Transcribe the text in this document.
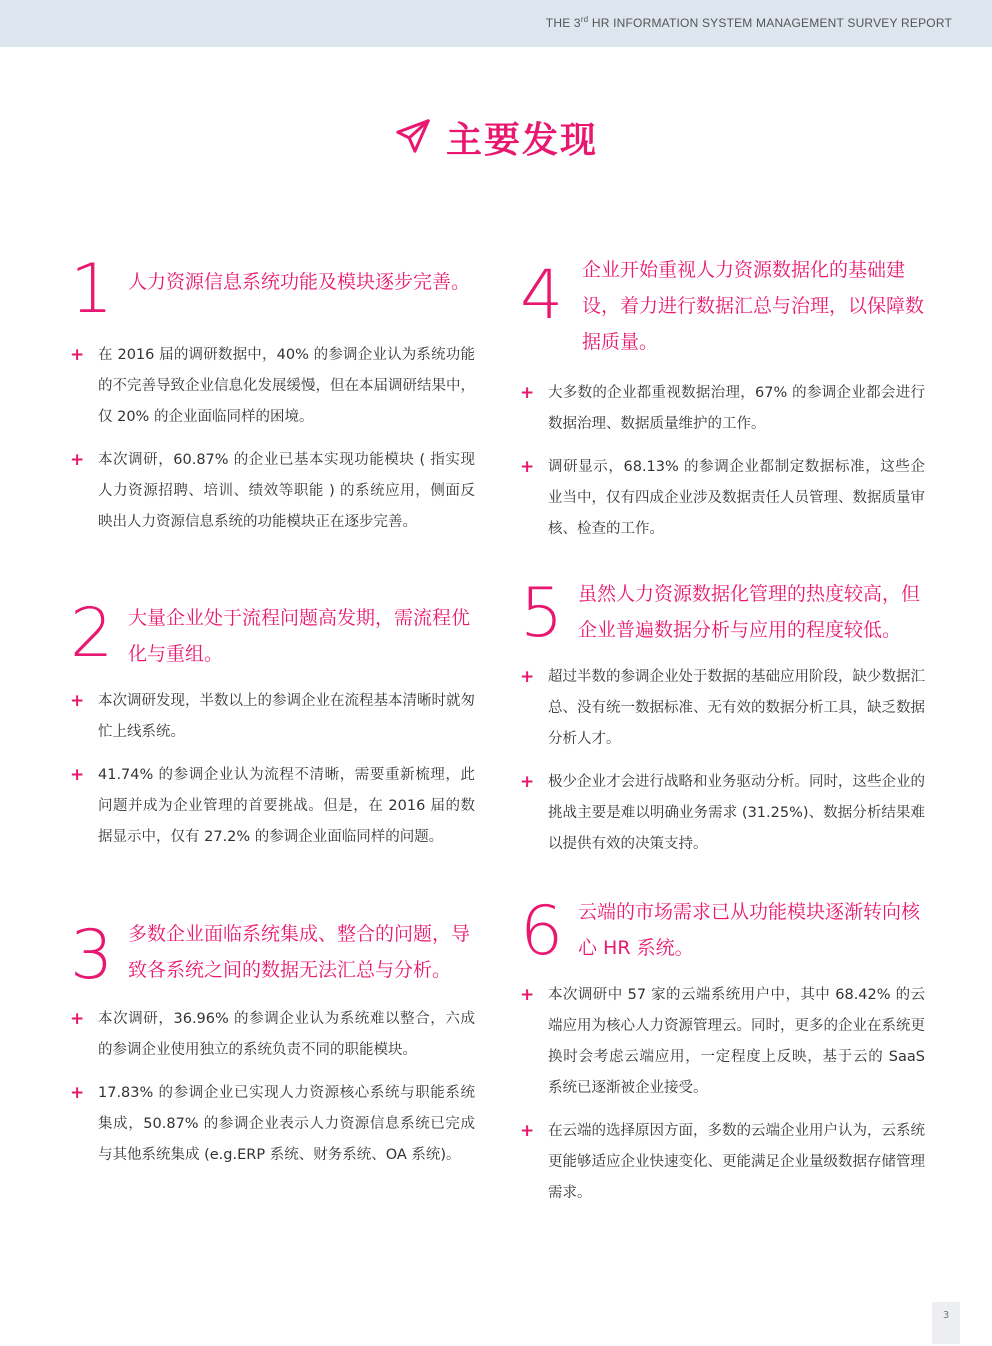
THE 3rd HR INFORMATION SYSTEM MANAGEMENT SURVEY REPORT
主要发现
1 人力资源信息系统功能及模块逐步完善。
+ 在 2016 届的调研数据中，40% 的参调企业认为系统功能的不完善导致企业信息化发展缓慢，但在本届调研结果中，仅 20% 的企业面临同样的困境。
+ 本次调研，60.87% 的企业已基本实现功能模块 ( 指实现人力资源招聘、培训、绩效等职能 ) 的系统应用，侧面反映出人力资源信息系统的功能模块正在逐步完善。
2 大量企业处于流程问题高发期，需流程优化与重组。
+ 本次调研发现，半数以上的参调企业在流程基本清晰时就匆忙上线系统。
+ 41.74% 的参调企业认为流程不清晰，需要重新梳理，此问题并成为企业管理的首要挑战。但是，在 2016 届的数据显示中，仅有 27.2% 的参调企业面临同样的问题。
3 多数企业面临系统集成、整合的问题，导致各系统之间的数据无法汇总与分析。
+ 本次调研，36.96% 的参调企业认为系统难以整合，六成的参调企业使用独立的系统负责不同的职能模块。
+ 17.83% 的参调企业已实现人力资源核心系统与职能系统集成，50.87% 的参调企业表示人力资源信息系统已完成与其他系统集成 (e.g.ERP 系统、财务系统、OA 系统)。
4 企业开始重视人力资源数据化的基础建设，着力进行数据汇总与治理，以保障数据质量。
+ 大多数的企业都重视数据治理，67% 的参调企业都会进行数据治理、数据质量维护的工作。
+ 调研显示，68.13% 的参调企业都制定数据标准，这些企业当中，仅有四成企业涉及数据责任人员管理、数据质量审核、检查的工作。
5 虽然人力资源数据化管理的热度较高，但企业普遍数据分析与应用的程度较低。
+ 超过半数的参调企业处于数据的基础应用阶段，缺少数据汇总、没有统一数据标准、无有效的数据分析工具，缺乏数据分析人才。
+ 极少企业才会进行战略和业务驱动分析。同时，这些企业的挑战主要是难以明确业务需求 (31.25%)、数据分析结果难以提供有效的决策支持。
6 云端的市场需求已从功能模块逐渐转向核心 HR 系统。
+ 本次调研中 57 家的云端系统用户中，其中 68.42% 的云端应用为核心人力资源管理云。同时，更多的企业在系统更换时会考虑云端应用，一定程度上反映，基于云的 SaaS 系统已逐渐被企业接受。
+ 在云端的选择原因方面，多数的云端企业用户认为，云系统更能够适应企业快速变化、更能满足企业量级数据存储管理需求。
3
